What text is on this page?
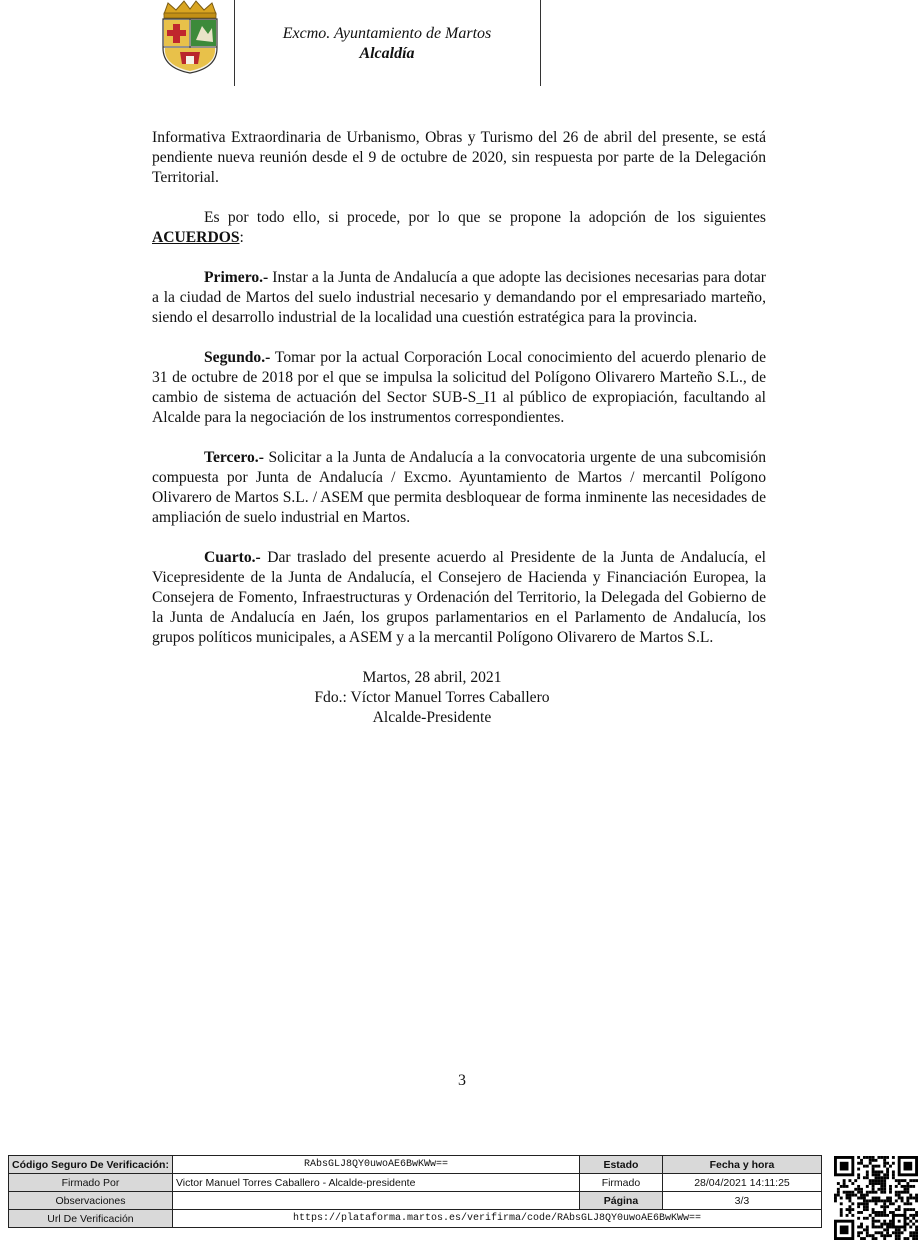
Excmo. Ayuntamiento de Martos
Alcaldía

Informativa Extraordinaria de Urbanismo, Obras y Turismo del 26 de abril del presente, se está pendiente nueva reunión desde el 9 de octubre de 2020, sin respuesta por parte de la Delegación Territorial.

Es por todo ello, si procede, por lo que se propone la adopción de los siguientes ACUERDOS:

Primero.- Instar a la Junta de Andalucía a que adopte las decisiones necesarias para dotar a la ciudad de Martos del suelo industrial necesario y demandando por el empresariado marteño, siendo el desarrollo industrial de la localidad una cuestión estratégica para la provincia.

Segundo.- Tomar por la actual Corporación Local conocimiento del acuerdo plenario de 31 de octubre de 2018 por el que se impulsa la solicitud del Polígono Olivarero Marteño S.L., de cambio de sistema de actuación del Sector SUB-S_I1 al público de expropiación, facultando al Alcalde para la negociación de los instrumentos correspondientes.

Tercero.- Solicitar a la Junta de Andalucía a la convocatoria urgente de una subcomisión compuesta por Junta de Andalucía / Excmo. Ayuntamiento de Martos / mercantil Polígono Olivarero de Martos S.L. / ASEM que permita desbloquear de forma inminente las necesidades de ampliación de suelo industrial en Martos.

Cuarto.- Dar traslado del presente acuerdo al Presidente de la Junta de Andalucía, el Vicepresidente de la Junta de Andalucía, el Consejero de Hacienda y Financiación Europea, la Consejera de Fomento, Infraestructuras y Ordenación del Territorio, la Delegada del Gobierno de la Junta de Andalucía en Jaén, los grupos parlamentarios en el Parlamento de Andalucía, los grupos políticos municipales, a ASEM y a la mercantil Polígono Olivarero de Martos S.L.

Martos, 28 abril, 2021
Fdo.: Víctor Manuel Torres Caballero
Alcalde-Presidente
3
Código Seguro De Verificación:	RAbsGLJ8QY0uwoAE6BwKWw==	Estado	Fecha y hora
Firmado Por	Victor Manuel Torres Caballero - Alcalde-presidente	Firmado	28/04/2021 14:11:25
Observaciones		Página	3/3
Url De Verificación	https://plataforma.martos.es/verifirma/code/RAbsGLJ8QY0uwoAE6BwKWw==		
